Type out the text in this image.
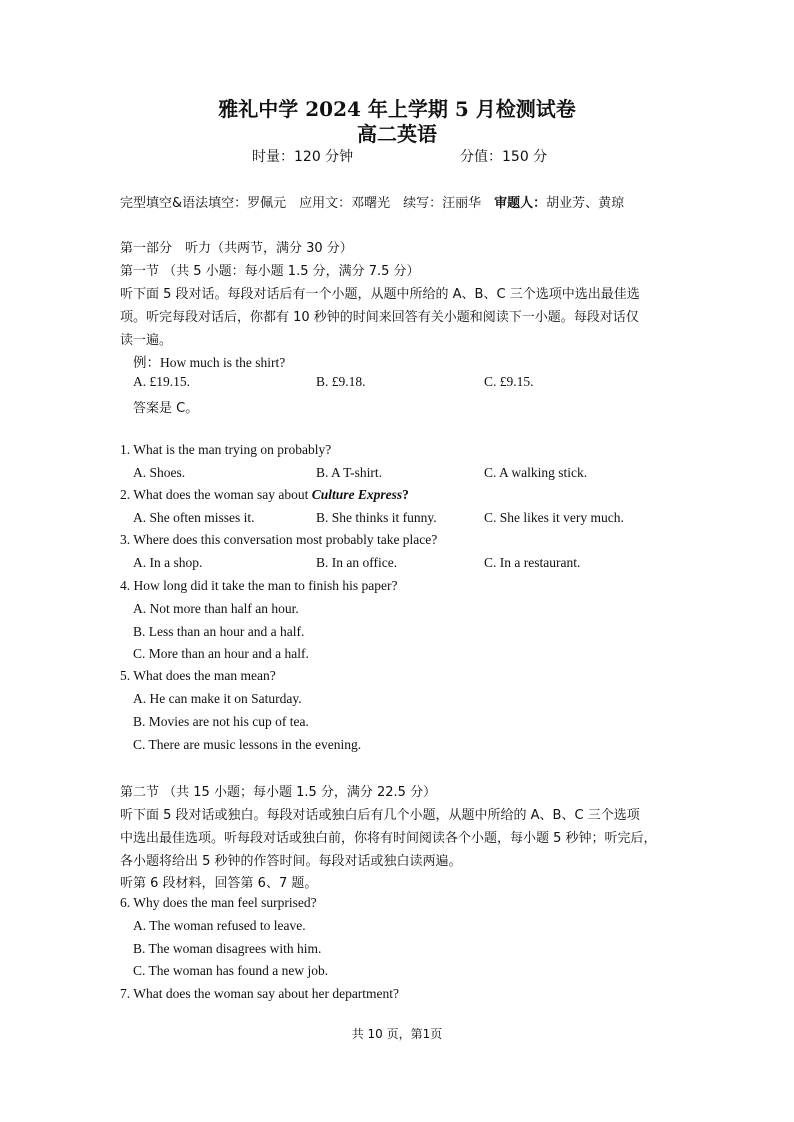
雅礼中学 2024 年上学期 5 月检测试卷
高二英语
时量：120 分钟	分值：150 分
完型填空&语法填空：罗佩元　应用文：邓曙光　续写：汪丽华　审题人：胡业芳、黄琼
第一部分　听力（共两节，满分 30 分）
第一节 （共 5 小题：每小题 1.5 分，满分 7.5 分）
听下面 5 段对话。每段对话后有一个小题，从题中所给的 A、B、C 三个选项中选出最佳选
项。听完每段对话后，你都有 10 秒钟的时间来回答有关小题和阅读下一小题。每段对话仅
读一遍。
例：How much is the shirt?
A. £19.15.	B. £9.18.	C. £9.15.
答案是 C。
1. What is the man trying on probably?
A. Shoes.	B. A T-shirt.	C. A walking stick.
2. What does the woman say about Culture Express?
A. She often misses it.	B. She thinks it funny.	C. She likes it very much.
3. Where does this conversation most probably take place?
A. In a shop.	B. In an office.	C. In a restaurant.
4. How long did it take the man to finish his paper?
A. Not more than half an hour.
B. Less than an hour and a half.
C. More than an hour and a half.
5. What does the man mean?
A. He can make it on Saturday.
B. Movies are not his cup of tea.
C. There are music lessons in the evening.
第二节 （共 15 小题；每小题 1.5 分，满分 22.5 分）
听下面 5 段对话或独白。每段对话或独白后有几个小题，从题中所给的 A、B、C 三个选项
中选出最佳选项。听每段对话或独白前，你将有时间阅读各个小题，每小题 5 秒钟；听完后，
各小题将给出 5 秒钟的作答时间。每段对话或独白读两遍。
听第 6 段材料，回答第 6、7 题。
6. Why does the man feel surprised?
A. The woman refused to leave.
B. The woman disagrees with him.
C. The woman has found a new job.
7. What does the woman say about her department?
共 10 页，第1页
